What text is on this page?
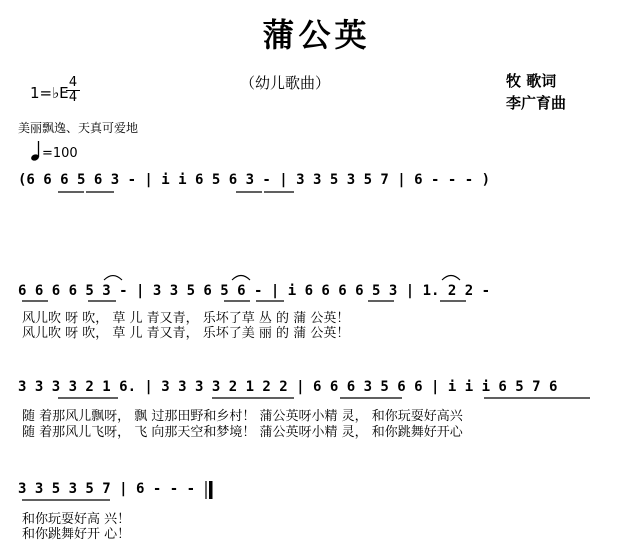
蒲公英
（幼儿歌曲）	牧 歌词
李广育曲
1=♭E
4
4
美丽飘逸、天真可爱地
=100
(6 6 6 5 6 3 - | i i 6 5 6 3 - | 3 3 5 3 5 7 | 6 - - - )
6 6 6 6 5 3 - | 3 3 5 6 5 6 - | i 6 6 6 6 5 3 | 1. 2 2 -
风儿吹 呀 吹， 草 儿 青又青， 乐坏了草 丛 的 蒲 公英！
风儿吹 呀 吹， 草 儿 青又青， 乐坏了美 丽 的 蒲 公英！
3 3 3 3 2 1 6. | 3 3 3 3 2 1 2 2 | 6 6 6 3 5 6 6 | i i i 6 5 7 6
随 着那风儿飘呀， 飘 过那田野和乡村！ 蒲公英呀小精 灵， 和你玩耍好高兴
随 着那风儿飞呀， 飞 向那天空和梦境！ 蒲公英呀小精 灵， 和你跳舞好开心
3 3 5 3 5 7 | 6 - - -
和你玩耍好高 兴！
和你跳舞好开 心！
